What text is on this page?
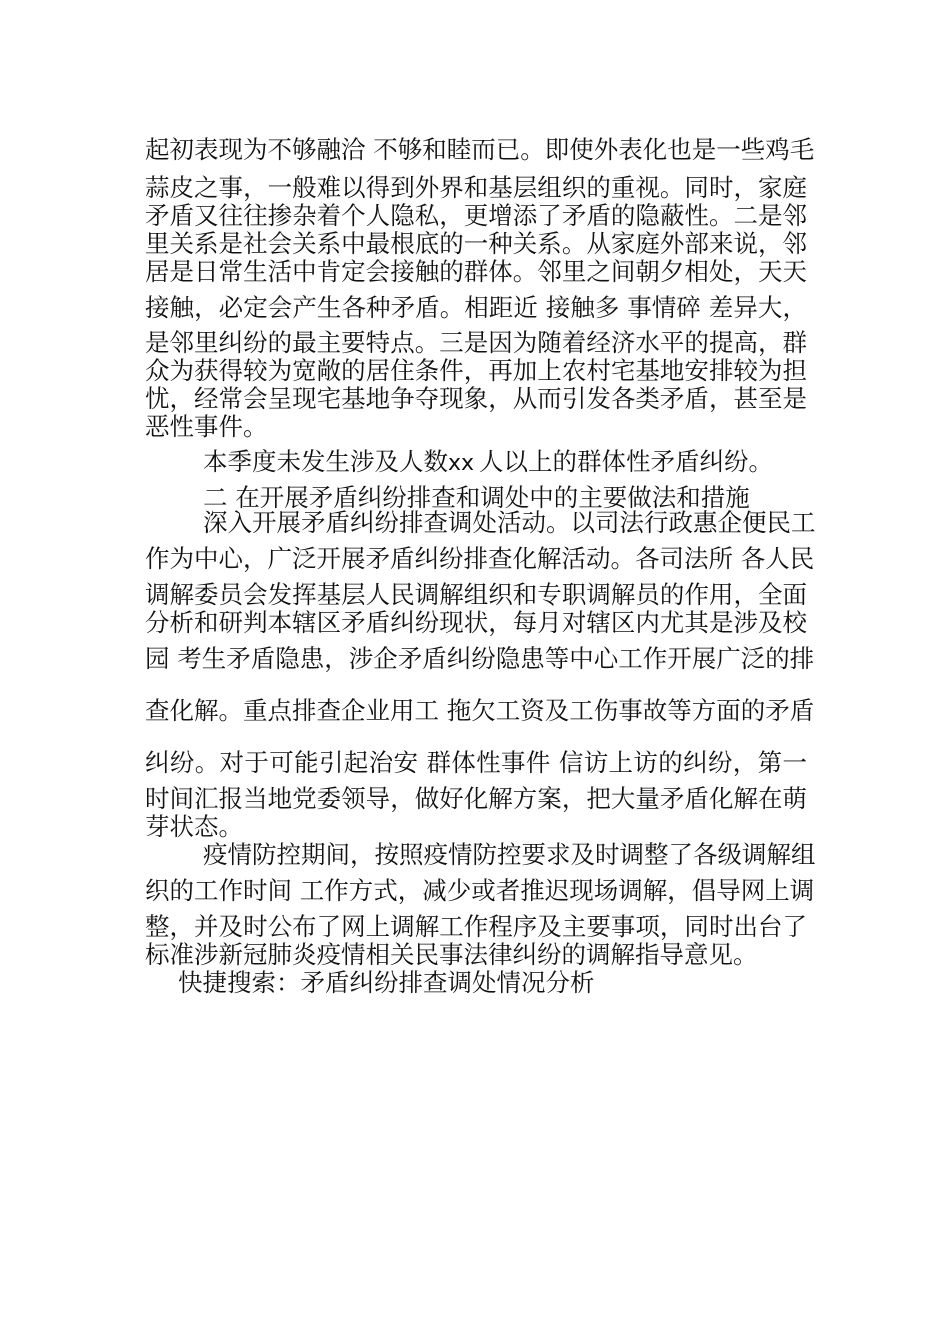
起初表现为不够融洽 不够和睦而已。即使外表化也是一些鸡毛
蒜皮之事，一般难以得到外界和基层组织的重视。同时，家庭
矛盾又往往掺杂着个人隐私，更增添了矛盾的隐蔽性。二是邻
里关系是社会关系中最根底的一种关系。从家庭外部来说，邻
居是日常生活中肯定会接触的群体。邻里之间朝夕相处，天天
接触，必定会产生各种矛盾。相距近 接触多 事情碎 差异大，
是邻里纠纷的最主要特点。三是因为随着经济水平的提高，群
众为获得较为宽敞的居住条件，再加上农村宅基地安排较为担
忧，经常会呈现宅基地争夺现象，从而引发各类矛盾，甚至是
恶性事件。
本季度未发生涉及人数xx  人以上的群体性矛盾纠纷。
二 在开展矛盾纠纷排查和调处中的主要做法和措施
深入开展矛盾纠纷排查调处活动。以司法行政惠企便民工
作为中心，广泛开展矛盾纠纷排查化解活动。各司法所 各人民
调解委员会发挥基层人民调解组织和专职调解员的作用，全面
分析和研判本辖区矛盾纠纷现状，每月对辖区内尤其是涉及校
园 考生矛盾隐患，涉企矛盾纠纷隐患等中心工作开展广泛的排
查化解。重点排查企业用工 拖欠工资及工伤事故等方面的矛盾
纠纷。对于可能引起治安 群体性事件 信访上访的纠纷，第一
时间汇报当地党委领导，做好化解方案，把大量矛盾化解在萌
芽状态。
疫情防控期间，按照疫情防控要求及时调整了各级调解组
织的工作时间 工作方式，减少或者推迟现场调解，倡导网上调
整，并及时公布了网上调解工作程序及主要事项，同时出台了
标准涉新冠肺炎疫情相关民事法律纠纷的调解指导意见。
快捷搜索：矛盾纠纷排查调处情况分析
